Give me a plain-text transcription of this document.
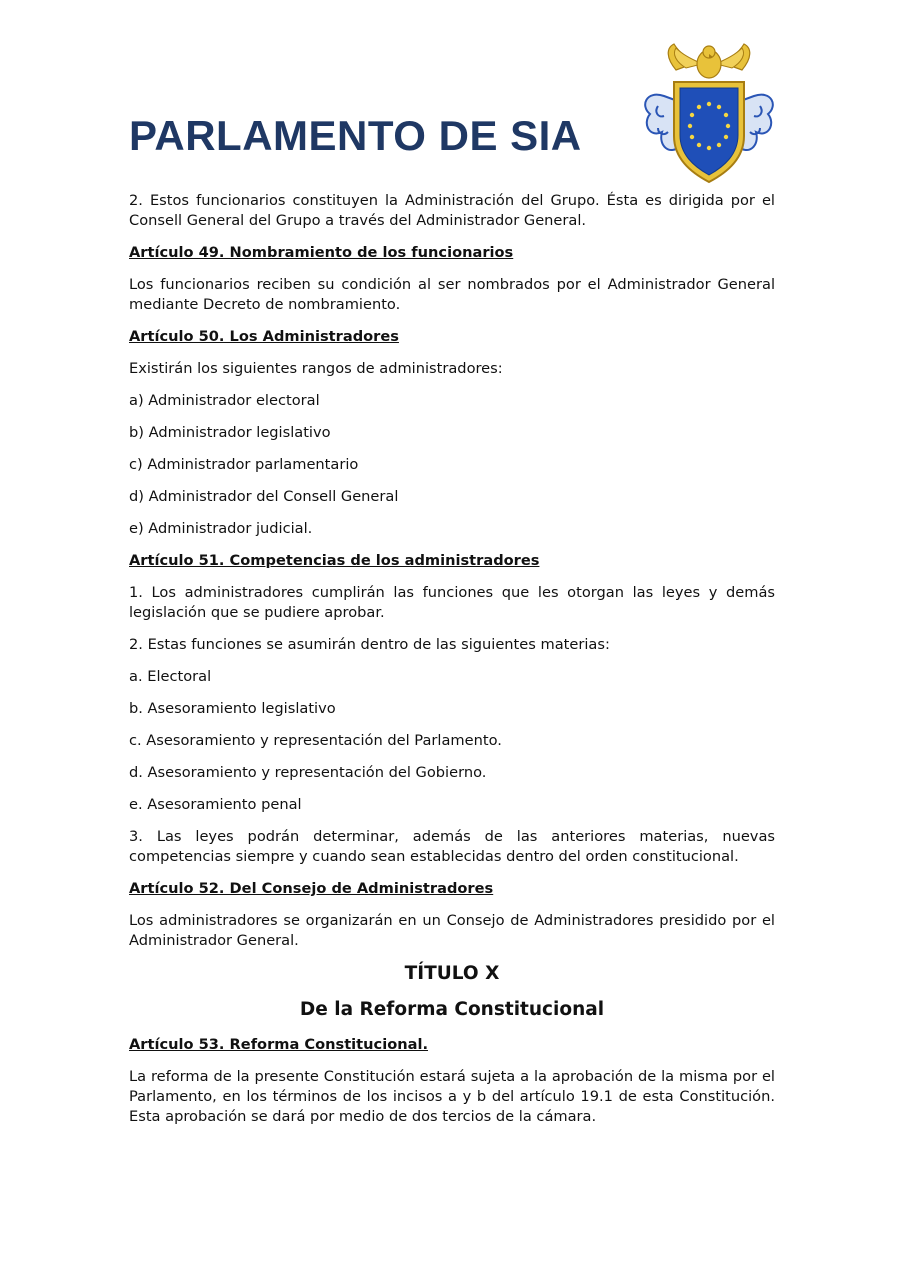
PARLAMENTO DE SIA

2. Estos funcionarios constituyen la Administración del Grupo. Ésta es dirigida por el Consell General del Grupo a través del Administrador General.

Artículo 49. Nombramiento de los funcionarios

Los funcionarios reciben su condición al ser nombrados por el Administrador General mediante Decreto de nombramiento.

Artículo 50. Los Administradores

Existirán los siguientes rangos de administradores:

a) Administrador electoral

b) Administrador legislativo

c) Administrador parlamentario

d) Administrador del Consell General

e) Administrador judicial.

Artículo 51. Competencias de los administradores

1. Los administradores cumplirán las funciones que les otorgan las leyes y demás legislación que se pudiere aprobar.

2. Estas funciones se asumirán dentro de las siguientes materias:

a. Electoral

b. Asesoramiento legislativo

c. Asesoramiento y representación del Parlamento.

d. Asesoramiento y representación del Gobierno.

e. Asesoramiento penal

3. Las leyes podrán determinar, además de las anteriores materias, nuevas competencias siempre y cuando sean establecidas dentro del orden constitucional.

Artículo 52. Del Consejo de Administradores

Los administradores se organizarán en un Consejo de Administradores presidido por el Administrador General.

TÍTULO X
De la Reforma Constitucional
Artículo 53. Reforma Constitucional.

La reforma de la presente Constitución estará sujeta a la aprobación de la misma por el Parlamento, en los términos de los incisos a y b del artículo 19.1 de esta Constitución. Esta aprobación se dará por medio de dos tercios de la cámara.
